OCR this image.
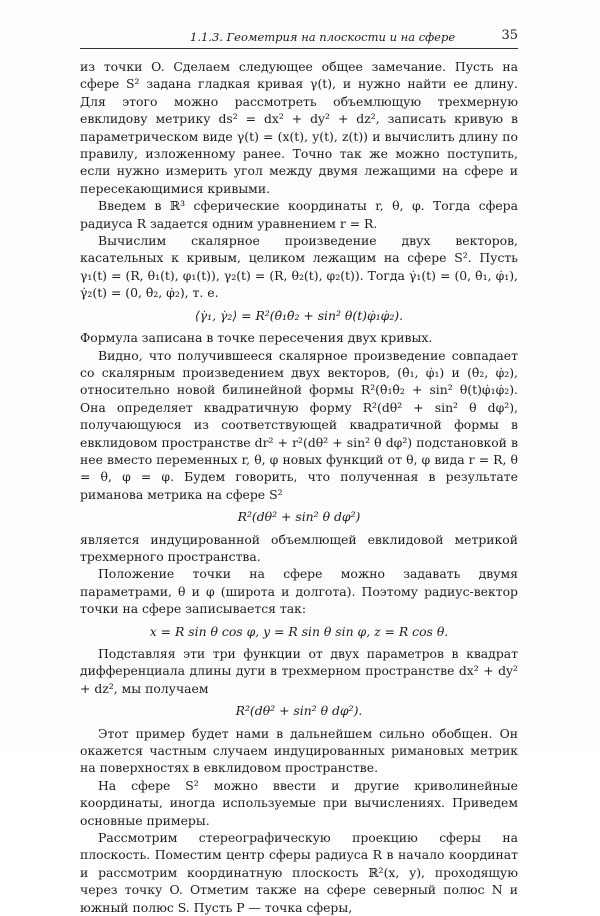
1.1.3. Геометрия на плоскости и на сфере	35

из точки O. Сделаем следующее общее замечание. Пусть на сфере S² задана гладкая кривая γ(t), и нужно найти ее длину. Для этого можно рассмотреть объемлющую трехмерную евклидову метрику ds² = dx² + dy² + dz², записать кривую в параметрическом виде γ(t) = (x(t), y(t), z(t)) и вычислить длину по правилу, изложенному ранее. Точно так же можно поступить, если нужно измерить угол между двумя лежащими на сфере и пересекающимися кривыми.

Введем в ℝ³ сферические координаты r, θ, φ. Тогда сфера радиуса R задается одним уравнением r = R.

Вычислим скалярное произведение двух векторов, касательных к кривым, целиком лежащим на сфере S². Пусть γ₁(t) = (R, θ₁(t), φ₁(t)), γ₂(t) = (R, θ₂(t), φ₂(t)). Тогда γ̇₁(t) = (0, θ̇₁, φ̇₁), γ̇₂(t) = (0, θ̇₂, φ̇₂), т. е.

⟨γ̇₁, γ̇₂⟩ = R²(θ̇₁θ̇₂ + sin² θ(t)φ̇₁φ̇₂).

Формула записана в точке пересечения двух кривых.

Видно, что получившееся скалярное произведение совпадает со скалярным произведением двух векторов, (θ̇₁, φ̇₁) и (θ̇₂, φ̇₂), относительно новой билинейной формы R²(θ̇₁θ̇₂ + sin² θ(t)φ̇₁φ̇₂). Она определяет квадратичную форму R²(dθ² + sin² θ dφ²), получающуюся из соответствующей квадратичной формы в евклидовом пространстве dr² + r²(dθ² + sin² θ dφ²) подстановкой в нее вместо переменных r, θ, φ новых функций от θ, φ вида r = R, θ = θ, φ = φ. Будем говорить, что полученная в результате риманова метрика на сфере S²

R²(dθ² + sin² θ dφ²)

является индуцированной объемлющей евклидовой метрикой трехмерного пространства.

Положение точки на сфере можно задавать двумя параметрами, θ и φ (широта и долгота). Поэтому радиус-вектор точки на сфере записывается так:

x = R sin θ cos φ, y = R sin θ sin φ, z = R cos θ.

Подставляя эти три функции от двух параметров в квадрат дифференциала длины дуги в трехмерном пространстве dx² + dy² + dz², мы получаем

R²(dθ² + sin² θ dφ²).

Этот пример будет нами в дальнейшем сильно обобщен. Он окажется частным случаем индуцированных римановых метрик на поверхностях в евклидовом пространстве.

На сфере S² можно ввести и другие криволинейные координаты, иногда используемые при вычислениях. Приведем основные примеры.

Рассмотрим стереографическую проекцию сферы на плоскость. Поместим центр сферы радиуса R в начало координат и рассмотрим координатную плоскость ℝ²(x, y), проходящую через точку O. Отметим также на сфере северный полюс N и южный полюс S. Пусть P — точка сферы,
